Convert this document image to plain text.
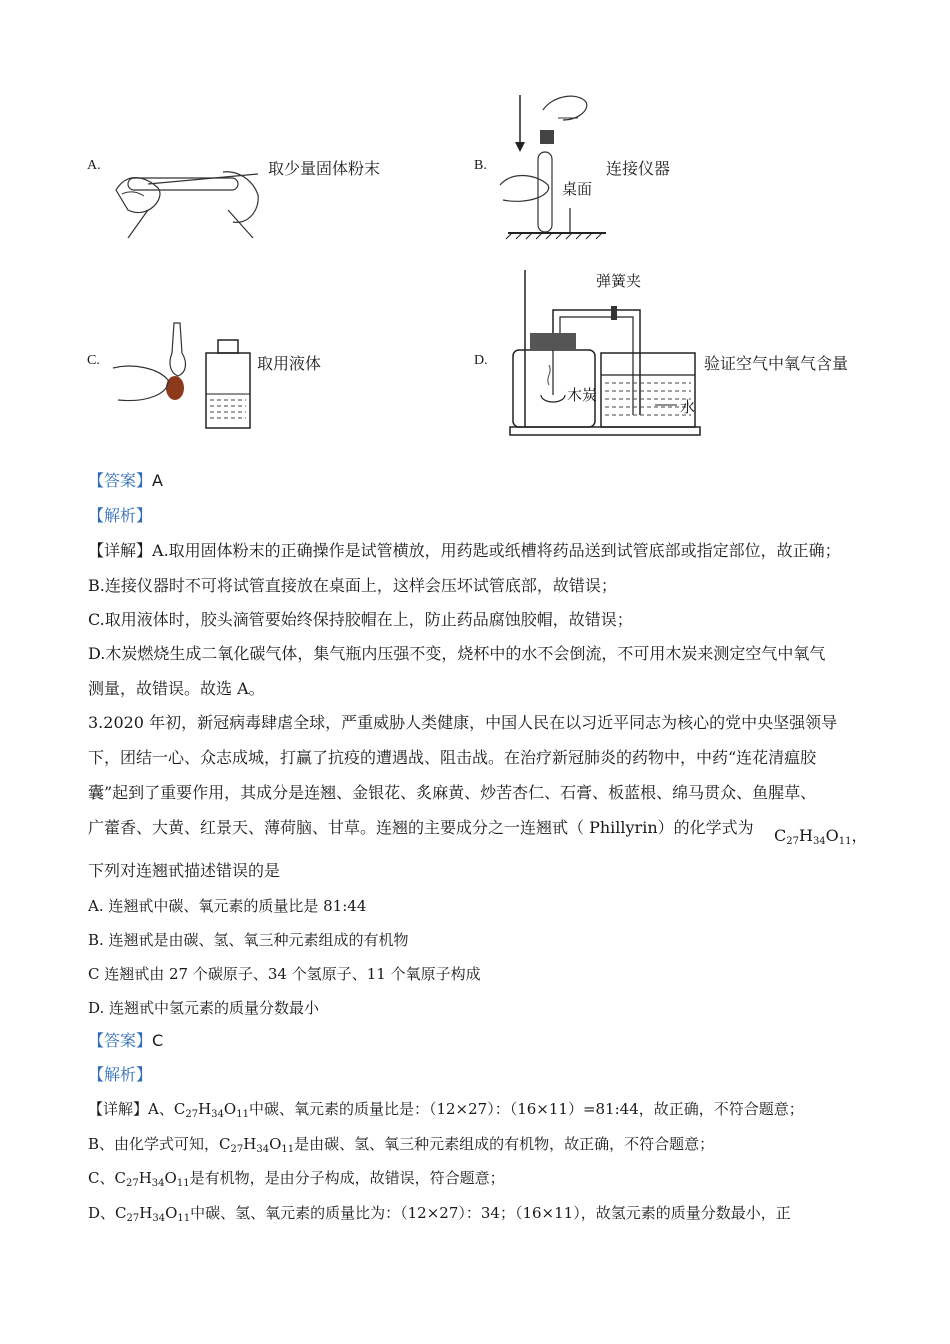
A.	取少量固体粉末	B.	连接仪器
桌面
C.	取用液体	D.	验证空气中氧气含量
弹簧夹
木炭
水
【答案】A
【解析】
【详解】A.取用固体粉末的正确操作是试管横放，用药匙或纸槽将药品送到试管底部或指定部位，故正确；
B.连接仪器时不可将试管直接放在桌面上，这样会压坏试管底部，故错误；
C.取用液体时，胶头滴管要始终保持胶帽在上，防止药品腐蚀胶帽，故错误；
D.木炭燃烧生成二氧化碳气体，集气瓶内压强不变，烧杯中的水不会倒流，不可用木炭来测定空气中氧气
测量，故错误。故选 A。
3.2020 年初，新冠病毒肆虐全球，严重威胁人类健康，中国人民在以习近平同志为核心的党中央坚强领导
下，团结一心、众志成城，打赢了抗疫的遭遇战、阻击战。在治疗新冠肺炎的药物中，中药“连花清瘟胶
囊”起到了重要作用，其成分是连翘、金银花、炙麻黄、炒苦杏仁、石膏、板蓝根、绵马贯众、鱼腥草、
广藿香、大黄、红景天、薄荷脑、甘草。连翘的主要成分之一连翘甙（ Phillyrin）的化学式为 $C_{27}H_{34}O_{11}$，
下列对连翘甙描述错误的是
A. 连翘甙中碳、氧元素的质量比是 81:44
B. 连翘甙是由碳、氢、氧三种元素组成的有机物
C 连翘甙由 27 个碳原子、34 个氢原子、11 个氧原子构成
D. 连翘甙中氢元素的质量分数最小
【答案】C
【解析】
【详解】A、$C_{27}H_{34}O_{11}$中碳、氧元素的质量比是：（12×27）：（16×11）=81:44，故正确，不符合题意；
B、由化学式可知，$C_{27}H_{34}O_{11}$是由碳、氢、氧三种元素组成的有机物，故正确，不符合题意；
C、$C_{27}H_{34}O_{11}$是有机物，是由分子构成，故错误，符合题意；
D、$C_{27}H_{34}O_{11}$中碳、氢、氧元素的质量比为：（12×27）：34；（16×11），故氢元素的质量分数最小，正
